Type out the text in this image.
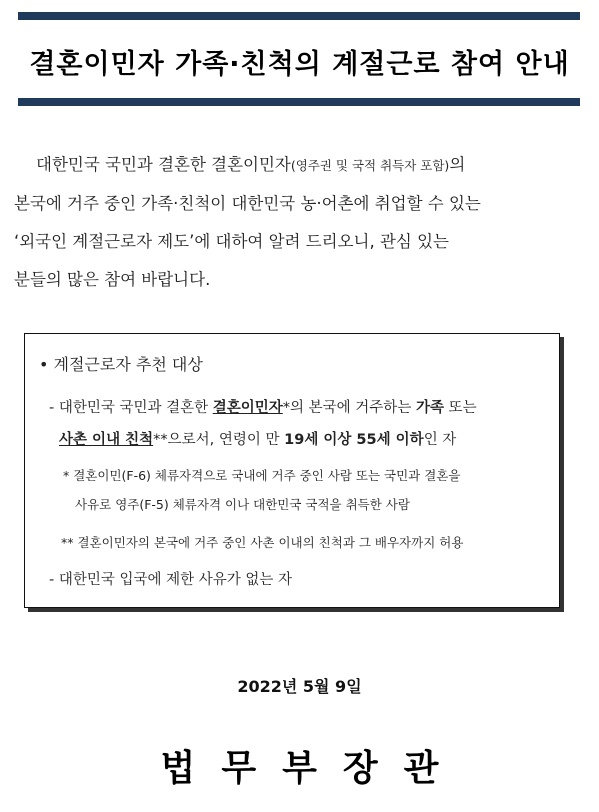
결혼이민자 가족·친척의 계절근로 참여 안내
대한민국 국민과 결혼한 결혼이민자(영주권 및 국적 취득자 포함)의
본국에 거주 중인 가족·친척이 대한민국 농·어촌에 취업할 수 있는
‘외국인 계절근로자 제도’에 대하여 알려 드리오니, 관심 있는
분들의 많은 참여 바랍니다.
• 계절근로자 추천 대상
- 대한민국 국민과 결혼한 결혼이민자*의 본국에 거주하는 가족 또는
사촌 이내 친척**으로서, 연령이 만 19세 이상 55세 이하인 자
* 결혼이민(F-6) 체류자격으로 국내에 거주 중인 사람 또는 국민과 결혼을
사유로 영주(F-5) 체류자격 이나 대한민국 국적을 취득한 사람
** 결혼이민자의 본국에 거주 중인 사촌 이내의 친척과 그 배우자까지 허용
- 대한민국 입국에 제한 사유가 없는 자
2022년 5월 9일
법무부장관
